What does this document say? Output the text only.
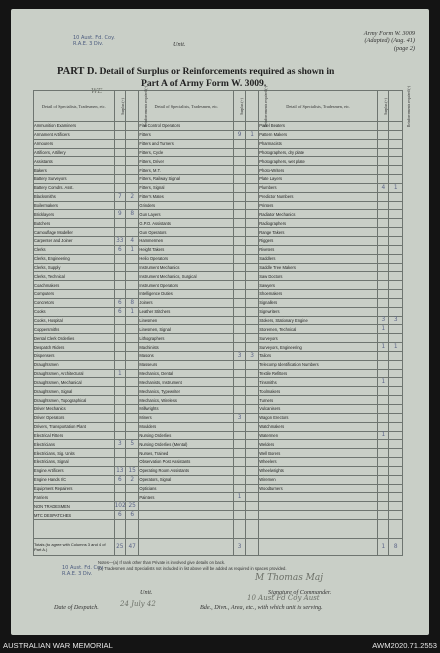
Army Form W. 3009
(Adapted) (Aug. 41)
(page 2)
10 Aust. Fd. Coy.
R.A.E. 3 Div.	Unit.
PART D. Detail of Surplus or Reinforcements required as shown in
Part A of Army Form W. 3009.
WE
Detail of Specialists, Tradesmen, etc.	Surplus (+)	Reinforcements required (-)	Detail of Specialists, Tradesmen, etc.	Surplus (+)	Reinforcements required (-)	Detail of Specialists, Tradesmen, etc.	Surplus (+)	Reinforcements required (-)
Ammunition Examiners			Fire Control Operators			Panel Beaters		
Armament Artificers			Fitters	9	1	Pattern Makers		
Armourers			Fitters and Turners			Pharmacists		
Artificers, Artillery			Fitters, Cycle			Photographers, dry plate		
Assistants			Fitters, Driver			Photographers, wet plate		
Bakers			Fitters, M.T.			Photo-Writers		
Battery Surveyors			Fitters, Railway Signal			Plate Layers		
Battery Comdrs. Asst.			Fitters, Signal			Plumbers	4	1
Blacksmiths	7	2	Fitter's Mates			Predictor Numbers		
Boilermakers			Grinders			Printers		
Bricklayers	9	8	Gun Layers			Radiator Mechanics		
Butchers			G.P.O. Assistants			Radiographers		
Camouflage Modeller			Gun Operators			Range Takers		
Carpenter and Joiner	33	4	Hammermen			Riggers		
Clerks	6	1	Height Takers			Riveters		
Clerks, Engineering			Helio Operators			Saddlers		
Clerks, Supply			Instrument Mechanics			Saddle Tree Makers		
Clerks, Technical			Instrument Mechanics, Surgical			Saw Doctors		
Coachmakers			Instrument Operators			Sawyers		
Computers			Intelligence Duties			Shoemakers		
Concretors	6	8	Joiners			Signallers		
Cooks	6	1	Leather Stitchers			Signwriters		
Cooks, Hospital			Linesmen			Stokers, Stationary Engine	3	3
Coppersmiths			Linesmen, Signal			Storemen, Technical	1	
Dental Clerk Orderlies			Lithographers			Surveyors		
Despatch Riders			Machinists			Surveyors, Engineering	1	1
Dispensers			Masons	3	3	Tailors		
Draughtsmen			Masseurs			Telecomp Identification Numbers		
Draughtsmen, Architectural	1		Mechanics, Dental			Textile Refitters		
Draughtsmen, Mechanical			Mechanists, Instrument			Tinsmiths	1	
Draughtsmen, Signal			Mechanics, Typewriter			Toolmakers		
Draughtsmen, Topographical			Mechanics, Wireless			Turners		
Driver Mechanics			Millwrights			Vulcanisers		
Driver Operators			Miners	3		Wagon Erectors		
Drivers, Transportation Plant			Moulders			Watchmakers		
Electrical Fitters			Nursing Orderlies			Watermen	1	
Electricians	3	5	Nursing Orderlies (Mental)			Welders		
Electricians, Sig. Units			Nurses, Trained			Well Borers		
Electricians, Signal			Observation Post Assistants			Wheelers		
Engine Artificers	13	15	Operating Room Assistants			Wheelwrights		
Engine Hands I/C	6	2	Operators, Signal			Wiremen		
Equipment Repairers			Opticians			Woodturners		
Farriers			Painters	1				
NON TRADESMEN	102	25						
MTC DESPATCHES	6	6						

Totals (to agree with Columns 3 and 4 of Part A.)	25	47		3			1	8
Notes—(a) If rank other than Private is involved give details on back.
(b) Tradesmen and Specialists not included in list above will be added as required in spaces provided.
10 Aust. Fd. Coy.
R.A.E. 3 Div.	M Thomas Maj
Unit.	Signature of Commander.
10 Aust Fd Coy Aust
Date of Despatch.	24 July 42	Bde., Divn., Area, etc., with which unit is serving.
AUSTRALIAN WAR MEMORIAL	AWM2020.71.2553
